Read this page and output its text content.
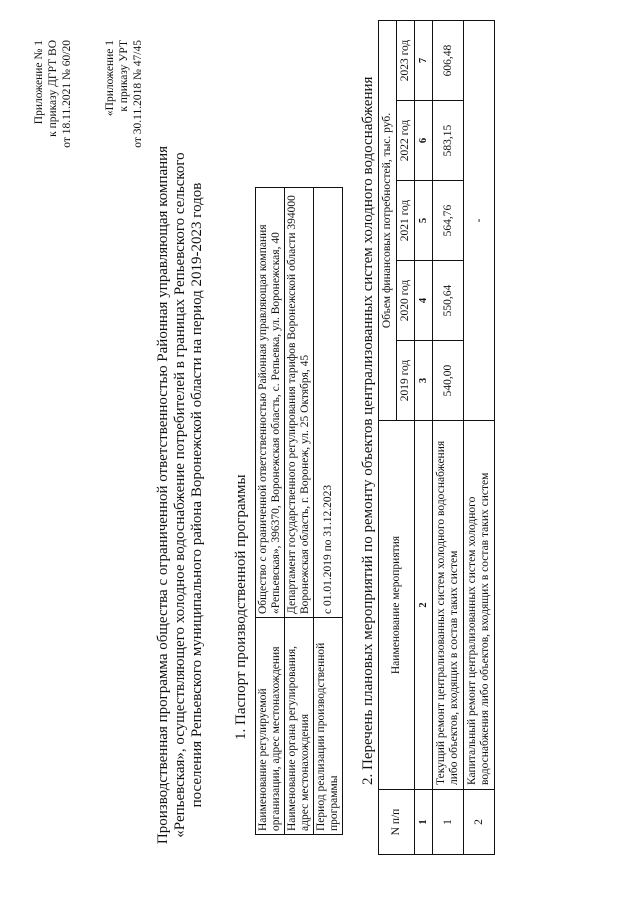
Приложение № 1 к приказу ДГРТ ВО от 18.11.2021 № 60/20	«Приложение 1 к приказу УРТ от 30.11.2018 № 47/45
Производственная программа общества с ограниченной ответственностью Районная управляющая компания «Репьевская», осуществляющего холодное водоснабжение потребителей в границах Репьевского сельского поселения Репьевского муниципального района Воронежской области на период 2019-2023 годов 1. Паспорт производственной программы
Наименование регулируемой организации, адрес местонахождения	Общество с ограниченной ответственностью Районная управляющая компания «Репьевская», 396370, Воронежская область, с. Репьевка, ул. Воронежская, 40
Наименование органа регулирования, адрес местонахождения	Департамент государственного регулирования тарифов Воронежской области 394000 Воронежская область, г. Воронеж, ул. 25 Октября, 45
Период реализации производственной программы	с 01.01.2019 по 31.12.2023 2. Перечень плановых мероприятий по ремонту объектов централизованных систем холодного водоснабжения
N п/п	Наименование мероприятия	Объем финансовых потребностей, тыс. руб.				
		2019 год	2020 год	2021 год	2022 год	2023 год
1	2	3	4	5	6	7
1	Текущий ремонт централизованных систем холодного водоснабжения либо объектов, входящих в состав таких систем	540,00	550,64	564,76	583,15	606,48
2	Капитальный ремонт централизованных систем холодного водоснабжения либо объектов, входящих в состав таких систем	-				
